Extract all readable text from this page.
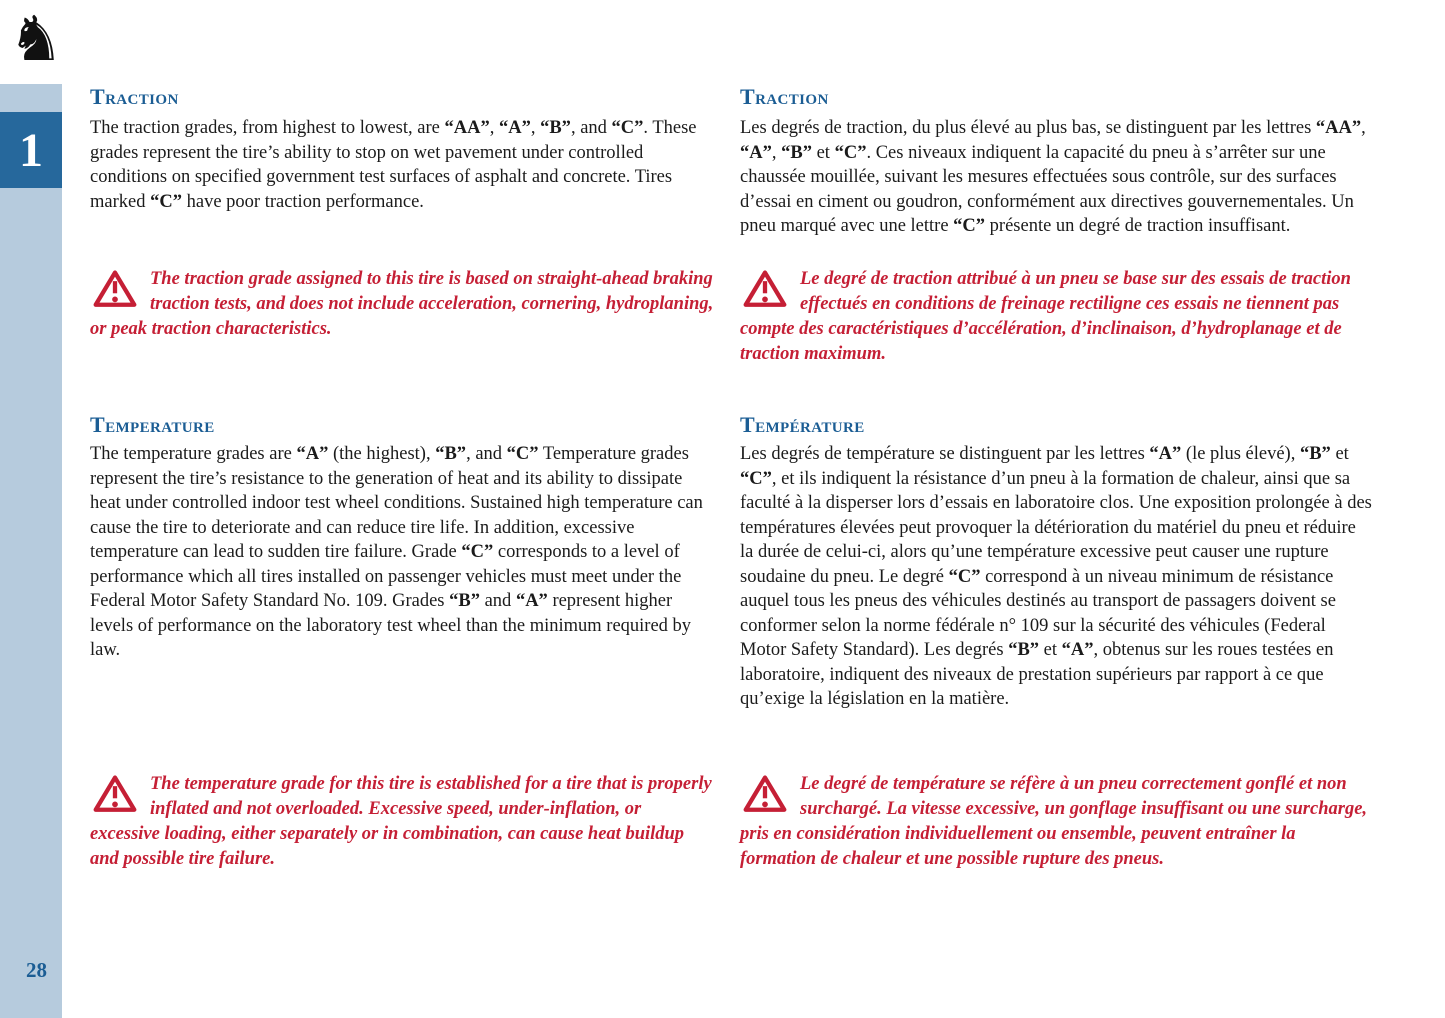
♞
1
28
Traction

The traction grades, from highest to lowest, are “AA”, “A”, “B”, and “C”. These grades represent the tire’s ability to stop on wet pavement under controlled conditions on specified government test surfaces of asphalt and concrete. Tires marked “C” have poor traction performance.

The traction grade assigned to this tire is based on straight-ahead braking traction tests, and does not include acceleration, cornering, hydroplaning, or peak traction characteristics.
Temperature

The temperature grades are “A” (the highest), “B”, and “C” Temperature grades represent the tire’s resistance to the generation of heat and its ability to dissipate heat under controlled indoor test wheel conditions. Sustained high temperature can cause the tire to deteriorate and can reduce tire life. In addition, excessive temperature can lead to sudden tire failure. Grade “C” corresponds to a level of performance which all tires installed on passenger vehicles must meet under the Federal Motor Safety Standard No. 109. Grades “B” and “A” represent higher levels of performance on the laboratory test wheel than the minimum required by law.

The temperature grade for this tire is established for a tire that is properly inflated and not overloaded. Excessive speed, under-inflation, or excessive loading, either separately or in combination, can cause heat buildup and possible tire failure.
Traction

Les degrés de traction, du plus élevé au plus bas, se distinguent par les lettres “AA”, “A”, “B” et “C”. Ces niveaux indiquent la capacité du pneu à s’arrêter sur une chaussée mouillée, suivant les mesures effectuées sous contrôle, sur des surfaces d’essai en ciment ou goudron, conformément aux directives gouvernementales. Un pneu marqué avec une lettre “C” présente un degré de traction insuffisant.

Le degré de traction attribué à un pneu se base sur des essais de traction effectués en conditions de freinage rectiligne ces essais ne tiennent pas compte des caractéristiques d’accélération, d’inclinaison, d’hydroplanage et de traction maximum.
Température

Les degrés de température se distinguent par les lettres “A” (le plus élevé), “B” et “C”, et ils indiquent la résistance d’un pneu à la formation de chaleur, ainsi que sa faculté à la disperser lors d’essais en laboratoire clos. Une exposition prolongée à des températures élevées peut provoquer la détérioration du matériel du pneu et réduire la durée de celui-ci, alors qu’une température excessive peut causer une rupture soudaine du pneu. Le degré “C” correspond à un niveau minimum de résistance auquel tous les pneus des véhicules destinés au transport de passagers doivent se conformer selon la norme fédérale n° 109 sur la sécurité des véhicules (Federal Motor Safety Standard). Les degrés “B” et “A”, obtenus sur les roues testées en laboratoire, indiquent des niveaux de prestation supérieurs par rapport à ce que qu’exige la législation en la matière.

Le degré de température se réfère à un pneu correctement gonflé et non surchargé. La vitesse excessive, un gonflage insuffisant ou une surcharge, pris en considération individuellement ou ensemble, peuvent entraîner la formation de chaleur et une possible rupture des pneus.
